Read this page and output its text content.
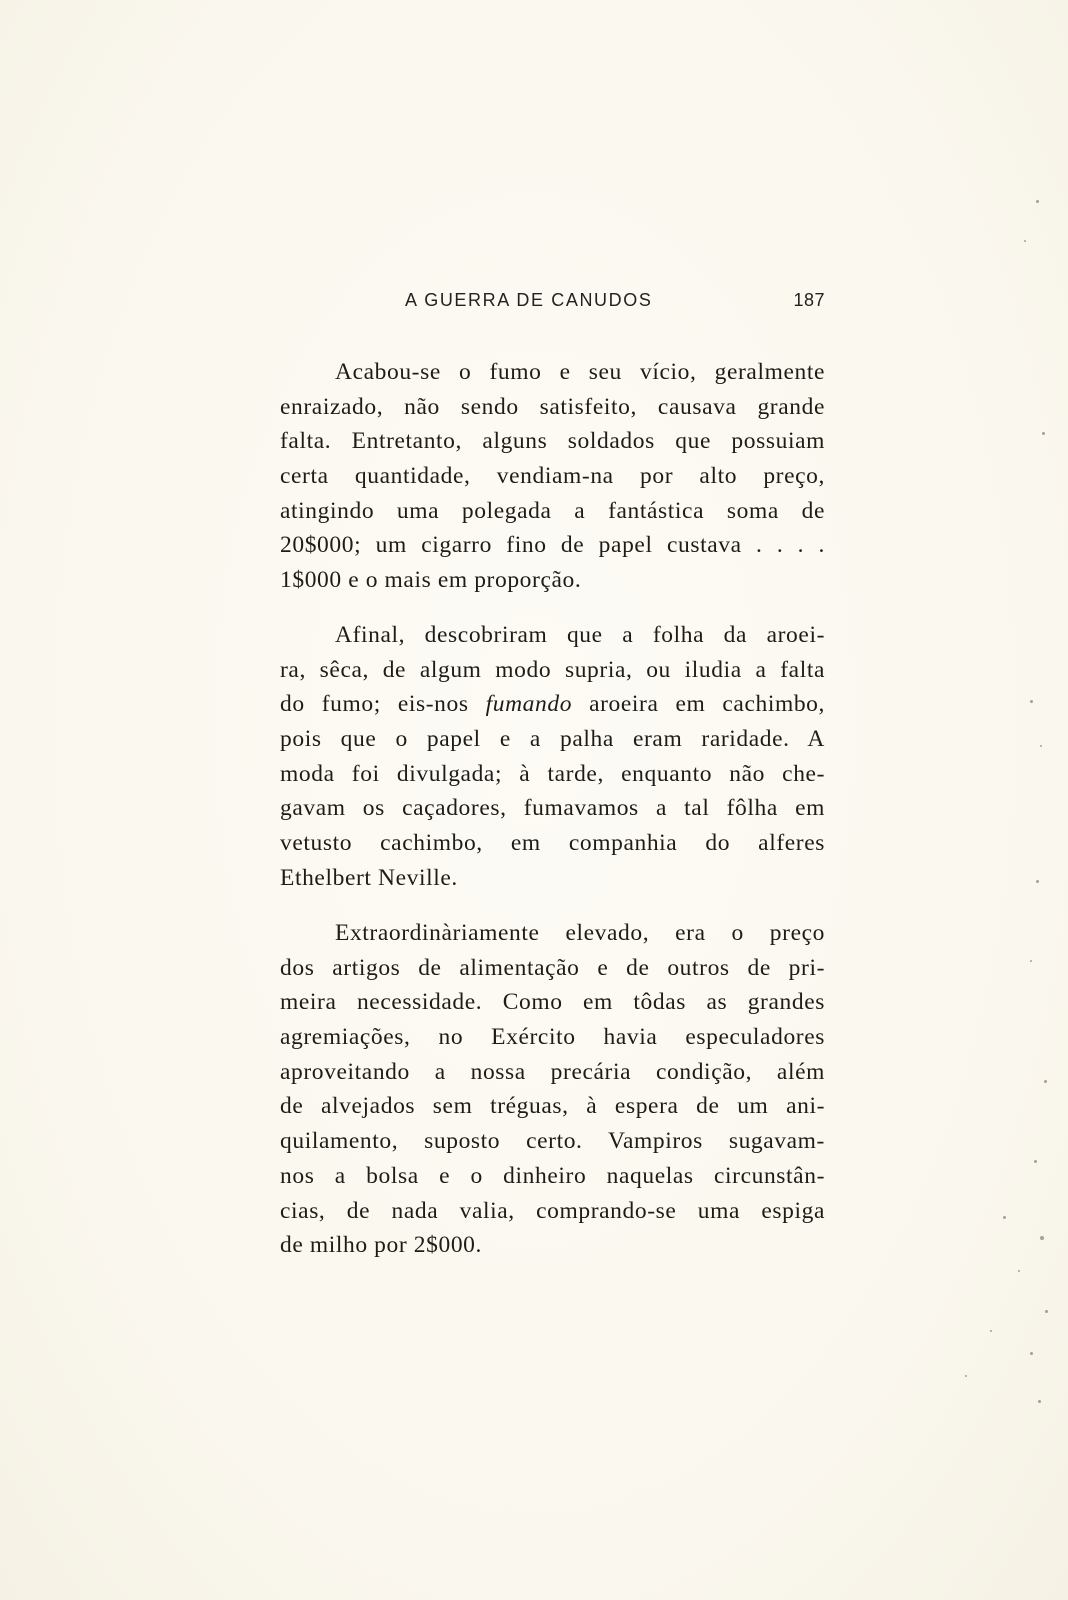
A GUERRA DE CANUDOS	187
Acabou-se o fumo e seu vício, geralmente
enraizado, não sendo satisfeito, causava grande
falta. Entretanto, alguns soldados que possuiam
certa quantidade, vendiam-na por alto preço,
atingindo uma polegada a fantástica soma de
20$000; um cigarro fino de papel custava . . . .
1$000 e o mais em proporção.
Afinal, descobriram que a folha da aroei-
ra, sêca, de algum modo supria, ou iludia a falta
do fumo; eis-nos fumando aroeira em cachimbo,
pois que o papel e a palha eram raridade. A
moda foi divulgada; à tarde, enquanto não che-
gavam os caçadores, fumavamos a tal fôlha em
vetusto cachimbo, em companhia do alferes
Ethelbert Neville.
Extraordinàriamente elevado, era o preço
dos artigos de alimentação e de outros de pri-
meira necessidade. Como em tôdas as grandes
agremiações, no Exército havia especuladores
aproveitando a nossa precária condição, além
de alvejados sem tréguas, à espera de um ani-
quilamento, suposto certo. Vampiros sugavam-
nos a bolsa e o dinheiro naquelas circunstân-
cias, de nada valia, comprando-se uma espiga
de milho por 2$000.
